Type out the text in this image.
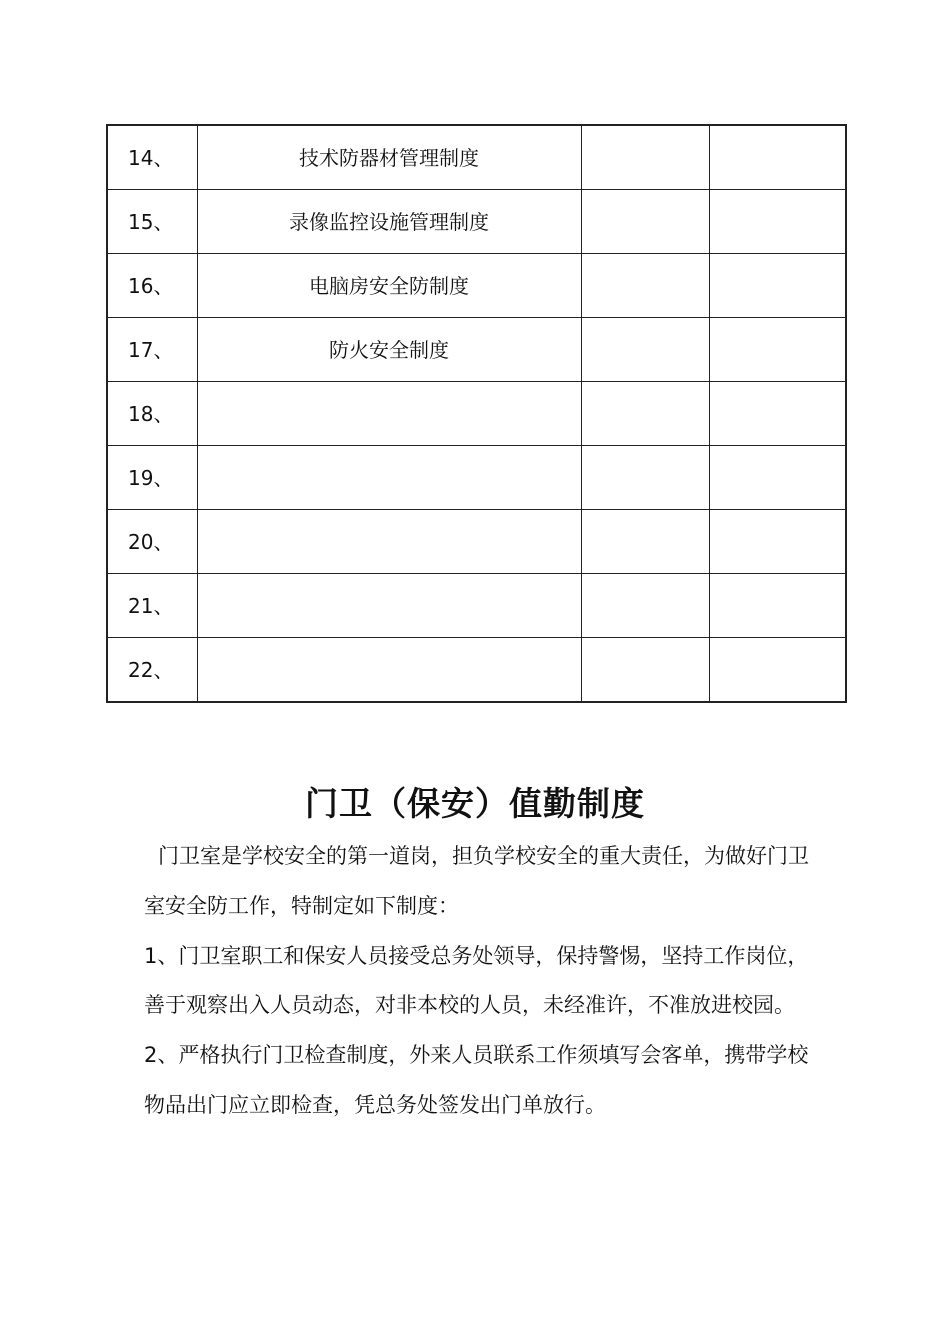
14、	技术防器材管理制度		
15、	录像监控设施管理制度		
16、	电脑房安全防制度		
17、	防火安全制度		
18、			
19、			
20、			
21、			
22、			
门卫（保安）值勤制度

门卫室是学校安全的第一道岗，担负学校安全的重大责任，为做好门卫室安全防工作，特制定如下制度：

1、门卫室职工和保安人员接受总务处领导，保持警惕，坚持工作岗位，善于观察出入人员动态，对非本校的人员，未经准许，不准放进校园。

2、严格执行门卫检查制度，外来人员联系工作须填写会客单，携带学校物品出门应立即检查，凭总务处签发出门单放行。
